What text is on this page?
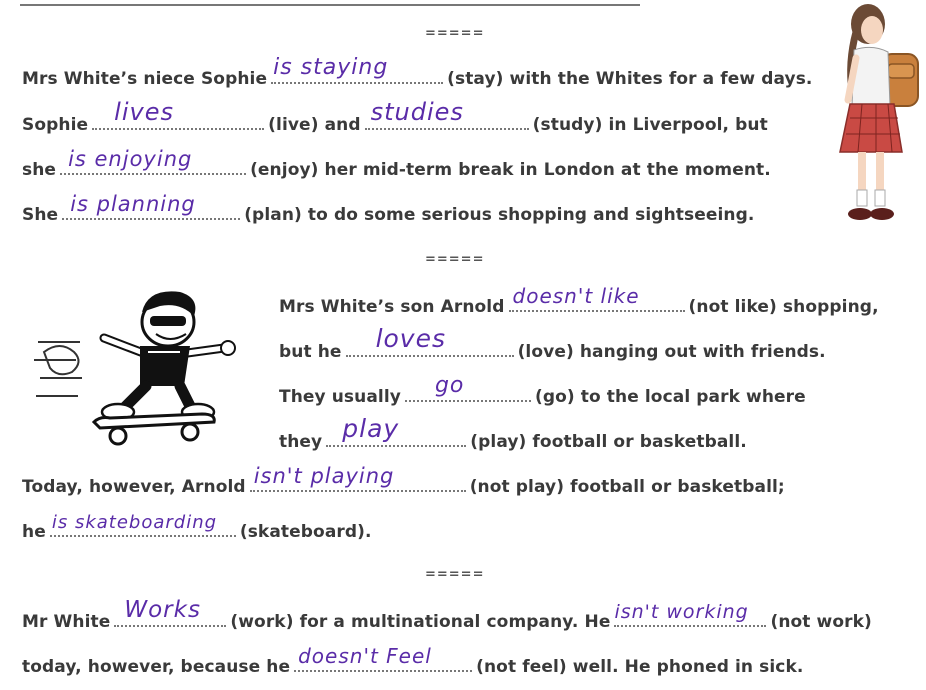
=====
Mrs White’s niece Sophie is staying	(stay) with the Whites for a few days.
Sophie lives	(live) and studies	(study) in Liverpool, but
she is enjoying	(enjoy) her mid-term break in London at the moment.
She is planning	(plan) to do some serious shopping and sightseeing.
=====
Mrs White’s son Arnold doesn't like	(not like) shopping,
but he loves	(love) hanging out with friends.
They usually go	(go) to the local park where
they play	(play) football or basketball.
Today, however, Arnold isn't playing	(not play) football or basketball;
he is skateboarding (skateboard).
=====
Mr White Works (work) for a multinational company. He isn't working (not work)
today, however, because he doesn't Feel	(not feel) well. He phoned in sick.
